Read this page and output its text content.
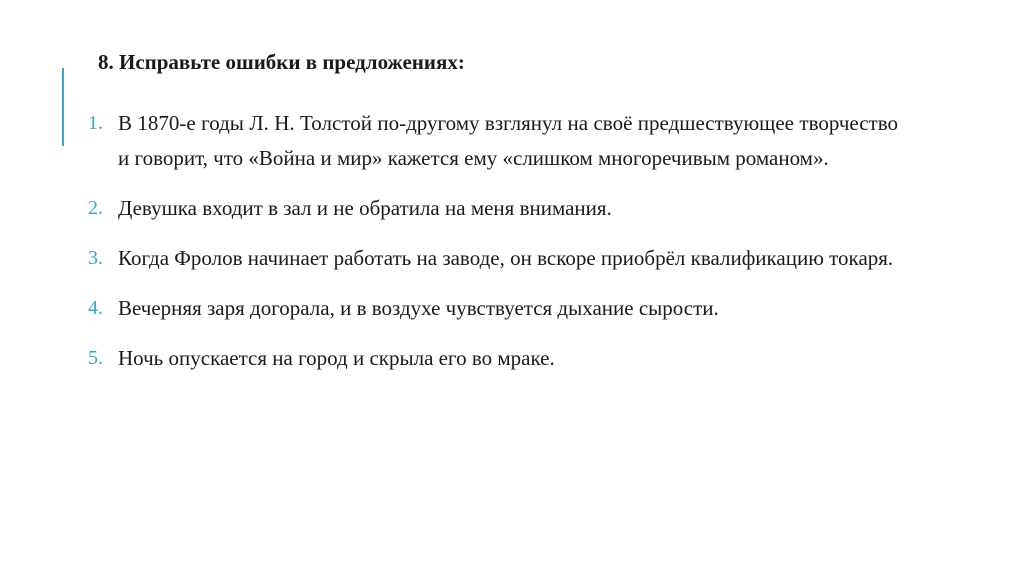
8. Исправьте ошибки в предложениях:
1. В 1870-е годы Л. Н. Толстой по-другому взглянул на своё предшествующее творчество и говорит, что «Война и мир» кажется ему «слишком многоречивым романом».
2. Девушка входит в зал и не обратила на меня внимания.
3. Когда Фролов начинает работать на заводе, он вскоре приобрёл квалификацию токаря.
4. Вечерняя заря догорала, и в воздухе чувствуется дыхание сырости.
5. Ночь опускается на город и скрыла его во мраке.
